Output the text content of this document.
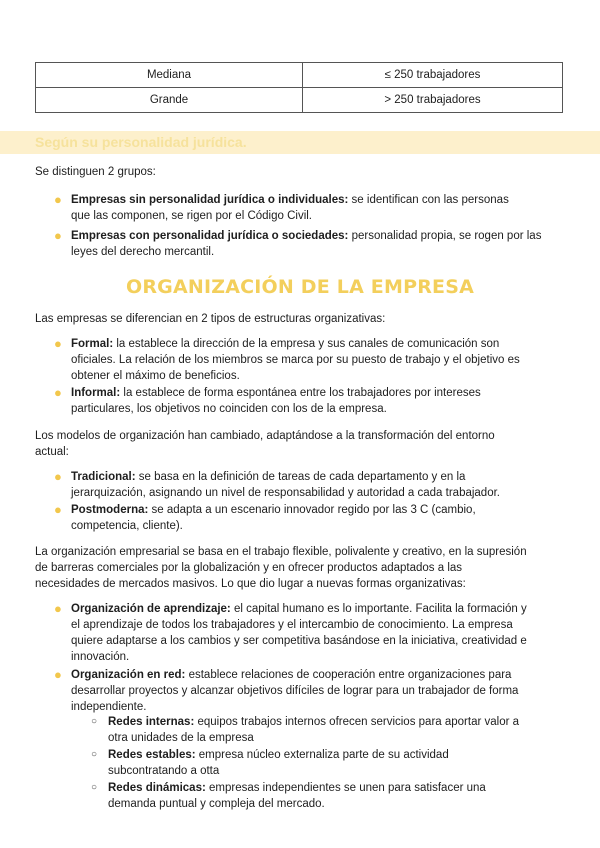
Mediana	≤ 250 trabajadores
Grande	> 250 trabajadores
Según su personalidad jurídica.

Se distinguen 2 grupos:

● Empresas sin personalidad jurídica o individuales: se identifican con las personas
que las componen, se rigen por el Código Civil.

● Empresas con personalidad jurídica o sociedades: personalidad propia, se rogen por las
leyes del derecho mercantil.

ORGANIZACIÓN DE LA EMPRESA

Las empresas se diferencian en 2 tipos de estructuras organizativas:

● Formal: la establece la dirección de la empresa y sus canales de comunicación son
oficiales. La relación de los miembros se marca por su puesto de trabajo y el objetivo es
obtener el máximo de beneficios.

● Informal: la establece de forma espontánea entre los trabajadores por intereses
particulares, los objetivos no coinciden con los de la empresa.

Los modelos de organización han cambiado, adaptándose a la transformación del entorno
actual:

● Tradicional: se basa en la definición de tareas de cada departamento y en la
jerarquización, asignando un nivel de responsabilidad y autoridad a cada trabajador.

● Postmoderna: se adapta a un escenario innovador regido por las 3 C (cambio,
competencia, cliente).

La organización empresarial se basa en el trabajo flexible, polivalente y creativo, en la supresión
de barreras comerciales por la globalización y en ofrecer productos adaptados a las
necesidades de mercados masivos. Lo que dio lugar a nuevas formas organizativas:

● Organización de aprendizaje: el capital humano es lo importante. Facilita la formación y
el aprendizaje de todos los trabajadores y el intercambio de conocimiento. La empresa
quiere adaptarse a los cambios y ser competitiva basándose en la iniciativa, creatividad e
innovación.

● Organización en red: establece relaciones de cooperación entre organizaciones para
desarrollar proyectos y alcanzar objetivos difíciles de lograr para un trabajador de forma
independiente.

○ Redes internas: equipos trabajos internos ofrecen servicios para aportar valor a
otra unidades de la empresa

○ Redes estables: empresa núcleo externaliza parte de su actividad
subcontratando a otta

○ Redes dinámicas: empresas independientes se unen para satisfacer una
demanda puntual y compleja del mercado.
